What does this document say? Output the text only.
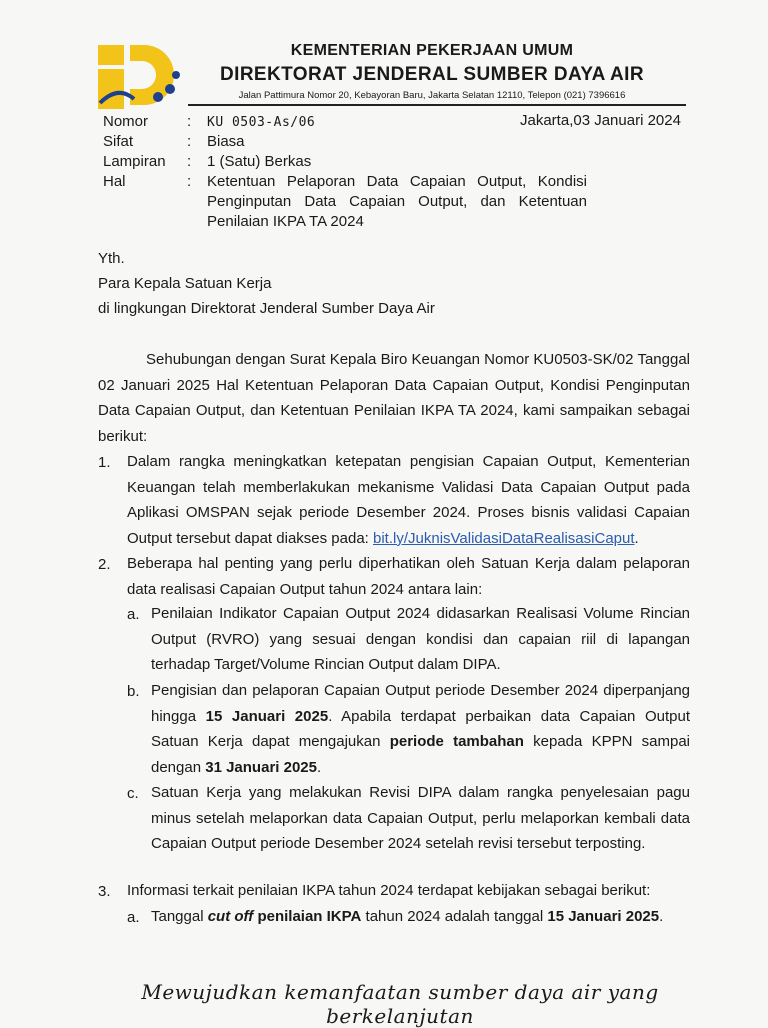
KEMENTERIAN PEKERJAAN UMUM
DIREKTORAT JENDERAL SUMBER DAYA AIR
Jalan Pattimura Nomor 20, Kebayoran Baru, Jakarta Selatan 12110, Telepon (021) 7396616
Nomor	: KU 0503-As/06	Jakarta,03 Januari 2024
Sifat	: Biasa
Lampiran	: 1 (Satu) Berkas
Hal	: Ketentuan Pelaporan Data Capaian Output, Kondisi Penginputan Data Capaian Output, dan Ketentuan Penilaian IKPA TA 2024
Yth.
Para Kepala Satuan Kerja
di lingkungan Direktorat Jenderal Sumber Daya Air
Sehubungan dengan Surat Kepala Biro Keuangan Nomor KU0503-SK/02 Tanggal 02 Januari 2025 Hal Ketentuan Pelaporan Data Capaian Output, Kondisi Penginputan Data Capaian Output, dan Ketentuan Penilaian IKPA TA 2024, kami sampaikan sebagai berikut:
1. Dalam rangka meningkatkan ketepatan pengisian Capaian Output, Kementerian Keuangan telah memberlakukan mekanisme Validasi Data Capaian Output pada Aplikasi OMSPAN sejak periode Desember 2024. Proses bisnis validasi Capaian Output tersebut dapat diakses pada: bit.ly/JuknisValidasiDataRealisasiCaput.
2. Beberapa hal penting yang perlu diperhatikan oleh Satuan Kerja dalam pelaporan data realisasi Capaian Output tahun 2024 antara lain:
a. Penilaian Indikator Capaian Output 2024 didasarkan Realisasi Volume Rincian Output (RVRO) yang sesuai dengan kondisi dan capaian riil di lapangan terhadap Target/Volume Rincian Output dalam DIPA.
b. Pengisian dan pelaporan Capaian Output periode Desember 2024 diperpanjang hingga 15 Januari 2025. Apabila terdapat perbaikan data Capaian Output Satuan Kerja dapat mengajukan periode tambahan kepada KPPN sampai dengan 31 Januari 2025.
c. Satuan Kerja yang melakukan Revisi DIPA dalam rangka penyelesaian pagu minus setelah melaporkan data Capaian Output, perlu melaporkan kembali data Capaian Output periode Desember 2024 setelah revisi tersebut terposting.
3. Informasi terkait penilaian IKPA tahun 2024 terdapat kebijakan sebagai berikut:
a. Tanggal cut off penilaian IKPA tahun 2024 adalah tanggal 15 Januari 2025.
Mewujudkan kemanfaatan sumber daya air yang berkelanjutan
